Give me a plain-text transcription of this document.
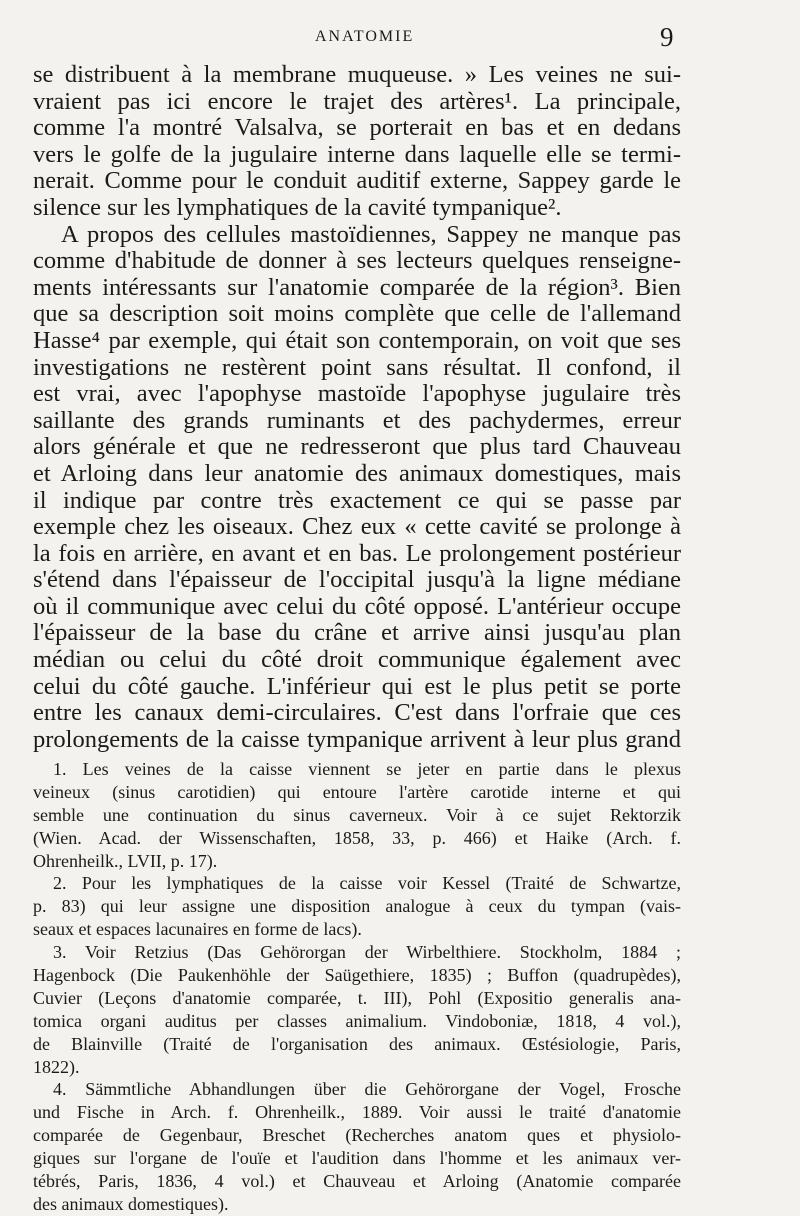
ANATOMIE	9
se distribuent à la membrane muqueuse. » Les veines ne sui-
vraient pas ici encore le trajet des artères¹. La principale,
comme l'a montré Valsalva, se porterait en bas et en dedans
vers le golfe de la jugulaire interne dans laquelle elle se termi-
nerait. Comme pour le conduit auditif externe, Sappey garde le
silence sur les lymphatiques de la cavité tympanique².
A propos des cellules mastoïdiennes, Sappey ne manque pas
comme d'habitude de donner à ses lecteurs quelques renseigne-
ments intéressants sur l'anatomie comparée de la région³. Bien
que sa description soit moins complète que celle de l'allemand
Hasse⁴ par exemple, qui était son contemporain, on voit que ses
investigations ne restèrent point sans résultat. Il confond, il
est vrai, avec l'apophyse mastoïde l'apophyse jugulaire très
saillante des grands ruminants et des pachydermes, erreur
alors générale et que ne redresseront que plus tard Chauveau
et Arloing dans leur anatomie des animaux domestiques, mais
il indique par contre très exactement ce qui se passe par
exemple chez les oiseaux. Chez eux « cette cavité se prolonge à
la fois en arrière, en avant et en bas. Le prolongement postérieur
s'étend dans l'épaisseur de l'occipital jusqu'à la ligne médiane
où il communique avec celui du côté opposé. L'antérieur occupe
l'épaisseur de la base du crâne et arrive ainsi jusqu'au plan
médian ou celui du côté droit communique également avec
celui du côté gauche. L'inférieur qui est le plus petit se porte
entre les canaux demi-circulaires. C'est dans l'orfraie que ces
prolongements de la caisse tympanique arrivent à leur plus grand
1. Les veines de la caisse viennent se jeter en partie dans le plexus
veineux (sinus carotidien) qui entoure l'artère carotide interne et qui
semble une continuation du sinus caverneux. Voir à ce sujet Rektorzik
(Wien. Acad. der Wissenschaften, 1858, 33, p. 466) et Haike (Arch. f.
Ohrenheilk., LVII, p. 17).
2. Pour les lymphatiques de la caisse voir Kessel (Traité de Schwartze,
p. 83) qui leur assigne une disposition analogue à ceux du tympan (vais-
seaux et espaces lacunaires en forme de lacs).
3. Voir Retzius (Das Gehörorgan der Wirbelthiere. Stockholm, 1884 ;
Hagenbock (Die Paukenhöhle der Saügethiere, 1835) ; Buffon (quadrupèdes),
Cuvier (Leçons d'anatomie comparée, t. III), Pohl (Expositio generalis ana-
tomica organi auditus per classes animalium. Vindoboniæ, 1818, 4 vol.),
de Blainville (Traité de l'organisation des animaux. Œstésiologie, Paris,
1822).
4. Sämmtliche Abhandlungen über die Gehörorgane der Vogel, Frosche
und Fische in Arch. f. Ohrenheilk., 1889. Voir aussi le traité d'anatomie
comparée de Gegenbaur, Breschet (Recherches anatom ques et physiolo-
giques sur l'organe de l'ouïe et l'audition dans l'homme et les animaux ver-
tébrés, Paris, 1836, 4 vol.) et Chauveau et Arloing (Anatomie comparée
des animaux domestiques).
